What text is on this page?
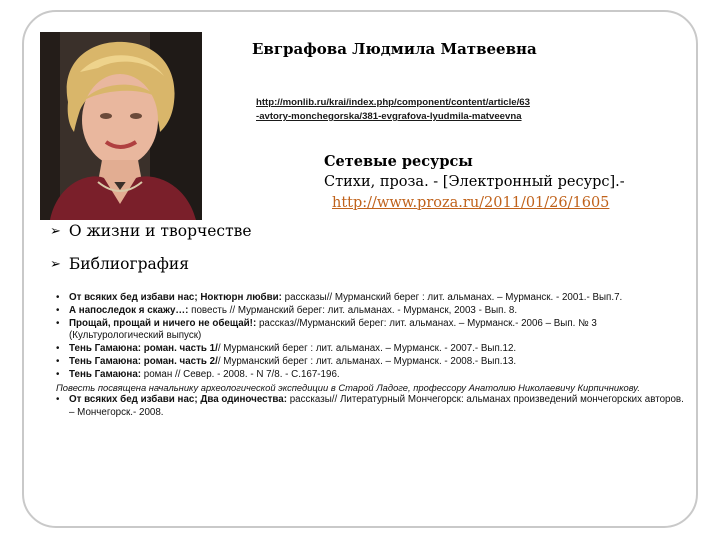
Евграфова Людмила Матвеевна
http://monlib.ru/krai/index.php/component/content/article/63
-avtory-monchegorska/381-evgrafova-lyudmila-matveevna
Сетевые ресурсы
Стихи, проза. - [Электронный ресурс].-
http://www.proza.ru/2011/01/26/1605
➢ О жизни и творчестве
➢ Библиография
• От всяких бед избави нас; Ноктюрн любви: рассказы// Мурманский берег : лит. альманах. – Мурманск. - 2001.- Вып.7.
• А напоследок я скажу…: повесть // Мурманский берег: лит. альманах. - Мурманск, 2003 - Вып. 8.
• Прощай, прощай и ничего не обещай!: рассказ//Мурманский берег: лит. альманах. – Мурманск.- 2006 – Вып. № 3 (Культурологический выпуск)
• Тень Гамаюна: роман. часть 1// Мурманский берег : лит. альманах. – Мурманск. - 2007.- Вып.12.
• Тень Гамаюна: роман. часть 2// Мурманский берег : лит. альманах. – Мурманск. - 2008.- Вып.13.
• Тень Гамаюна: роман // Север. - 2008. - N 7/8. - С.167-196.
Повесть посвящена начальнику археологической экспедиции в Старой Ладоге, профессору Анатолию Николаевичу Кирпичникову.
• От всяких бед избави нас; Два одиночества: рассказы// Литературный Мончегорск: альманах произведений мончегорских авторов. – Мончегорск.- 2008.
